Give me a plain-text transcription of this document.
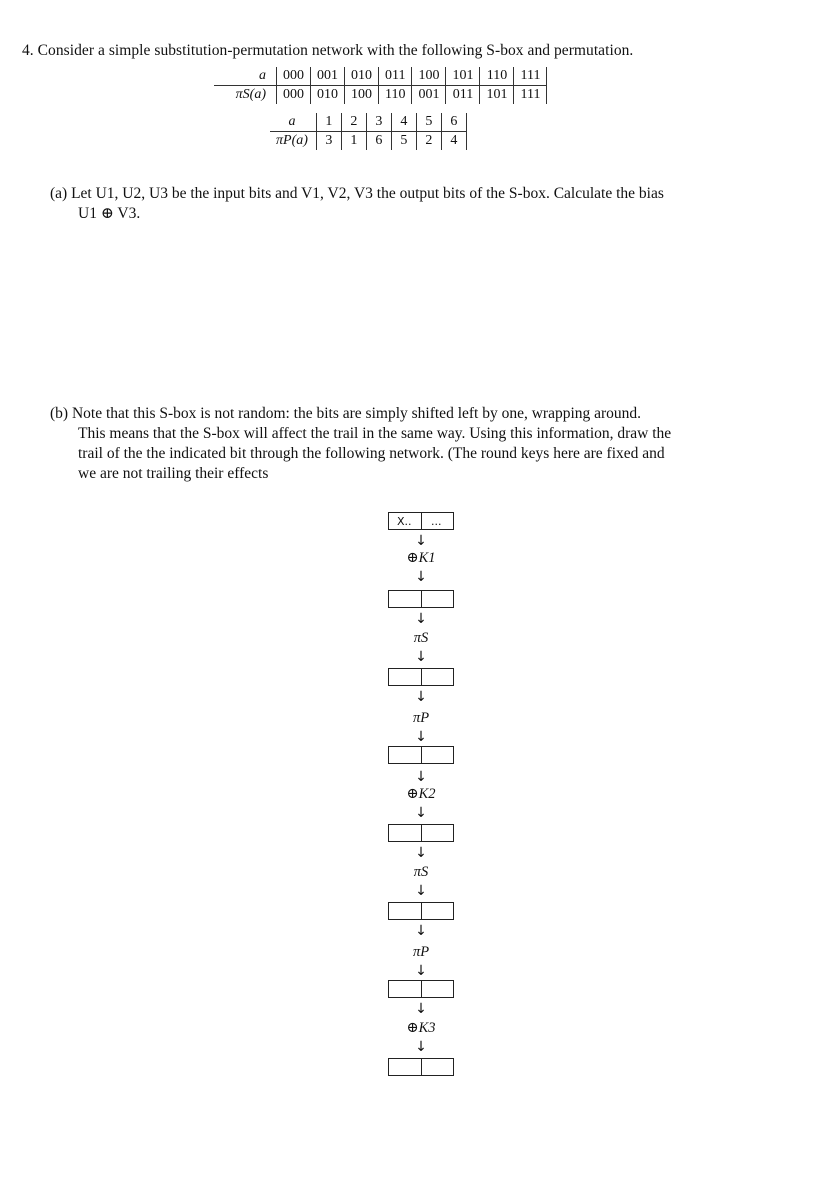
4. Consider a simple substitution-permutation network with the following S-box and permutation.
a	000	001	010	011	100	101	110	111
πS(a)	000	010	100	110	001	011	101	111
a	1	2	3	4	5	6
πP(a)	3	1	6	5	2	4
(a) Let U1, U2, U3 be the input bits and V1, V2, V3 the output bits of the S-box. Calculate the bias
U1 ⊕ V3.
(b) Note that this S-box is not random: the bits are simply shifted left by one, wrapping around.
This means that the S-box will affect the trail in the same way. Using this information, draw the
trail of the the indicated bit through the following network. (The round keys here are fixed and
we are not trailing their effects
X.. ...
↓
⊕K1
↓
↓
πS
↓
↓
πP
↓
↓
⊕K2
↓
↓
πS
↓
↓
πP
↓
↓
⊕K3
↓
